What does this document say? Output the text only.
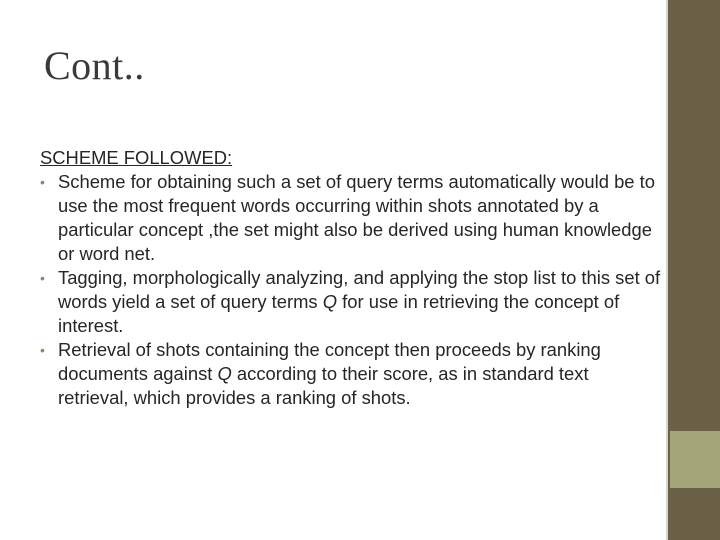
Cont..
SCHEME FOLLOWED:
• Scheme for obtaining such a set of query terms automatically would be to use the most frequent words occurring within shots annotated by a particular concept ,the set might also be derived using human knowledge or word net.
• Tagging, morphologically analyzing, and applying the stop list to this set of words yield a set of query terms Q for use in retrieving the concept of interest.
• Retrieval of shots containing the concept then proceeds by ranking documents against Q according to their score, as in standard text retrieval, which provides a ranking of shots.
